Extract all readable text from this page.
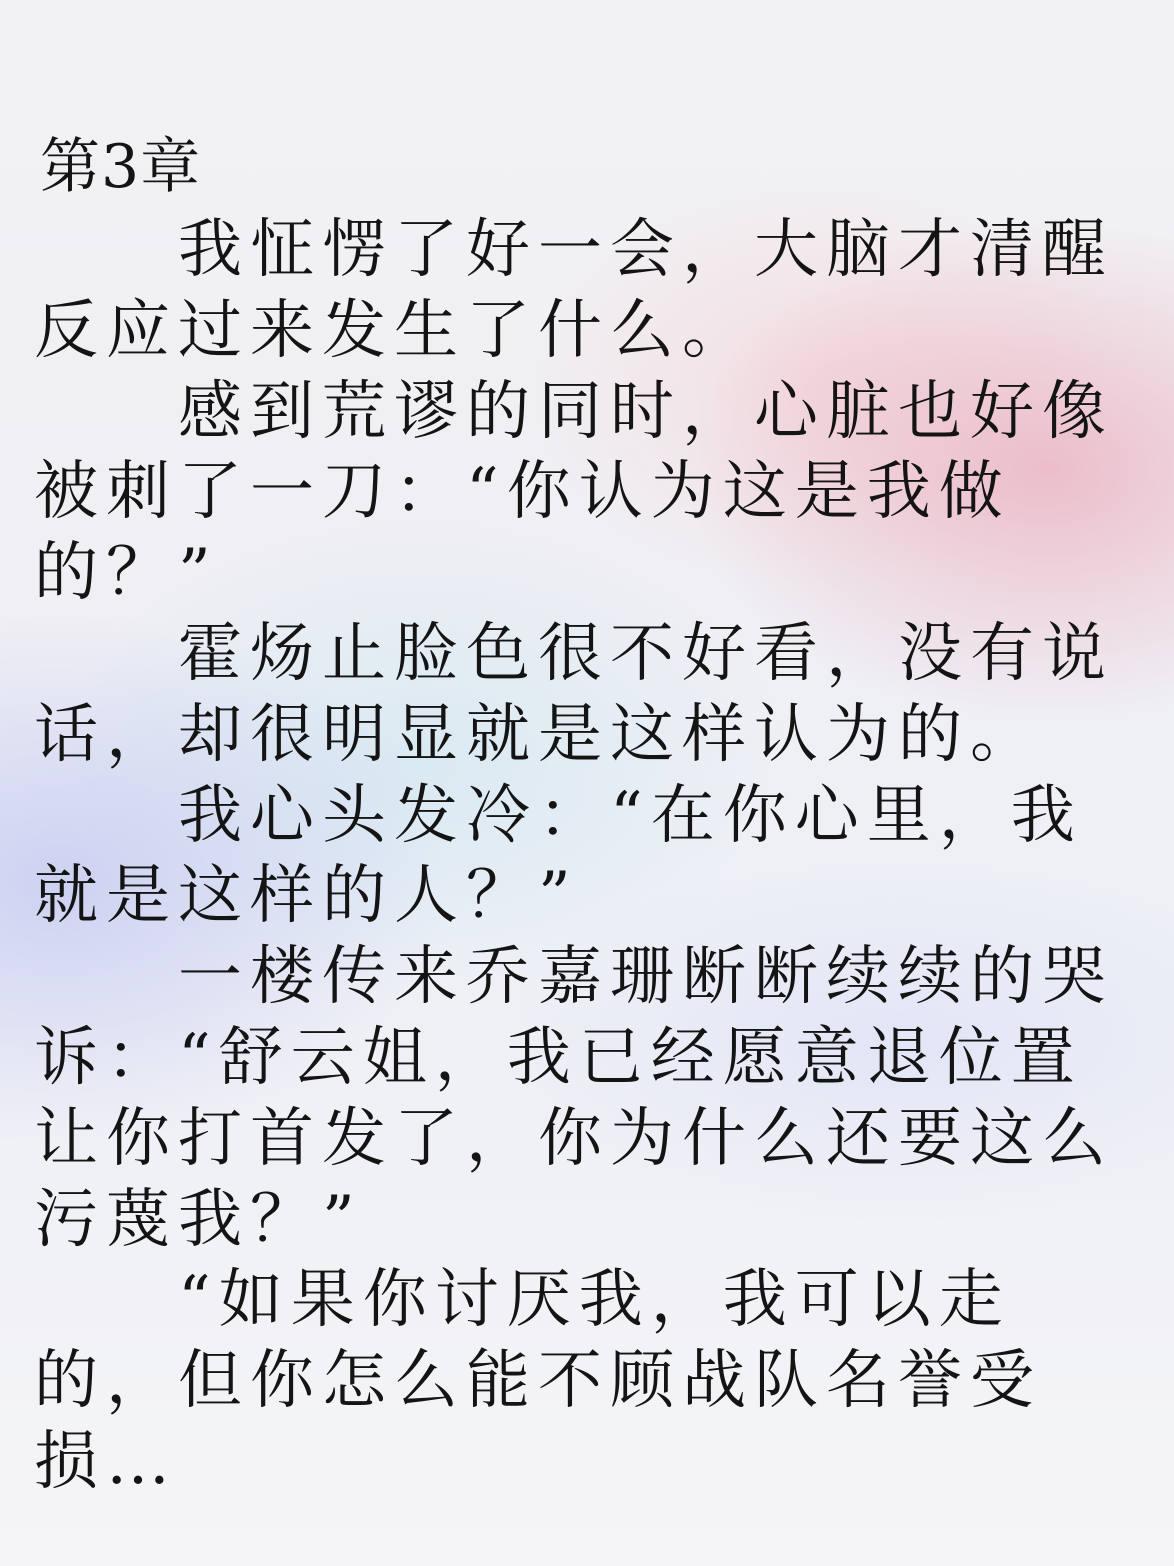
第3章

我怔愣了好一会，大脑才清醒反应过来发生了什么。

感到荒谬的同时，心脏也好像被刺了一刀：“你认为这是我做的？”

霍炀止脸色很不好看，没有说话，却很明显就是这样认为的。

我心头发冷：“在你心里，我就是这样的人？”

一楼传来乔嘉珊断断续续的哭诉：“舒云姐，我已经愿意退位置让你打首发了，你为什么还要这么污蔑我？”

“如果你讨厌我，我可以走的，但你怎么能不顾战队名誉受损…
